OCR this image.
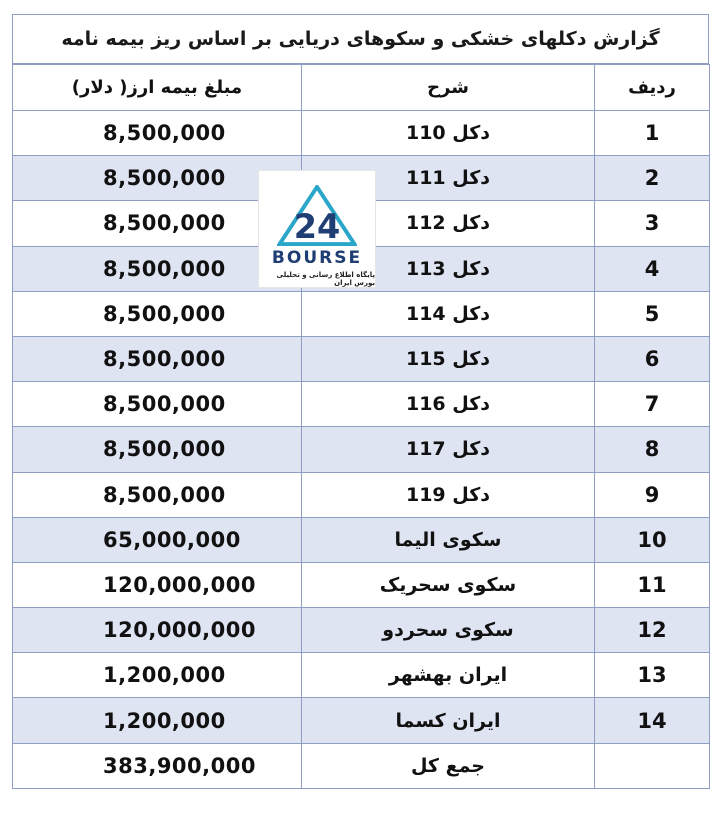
گزارش دکلهای خشکی و سکوهای دریایی بر اساس ریز بیمه نامه
ردیف	شرح	مبلغ بیمه ارز( دلار)
1	دکل 110	8,500,000
2	دکل 111	8,500,000
3	دکل 112	8,500,000
4	دکل 113	8,500,000
5	دکل 114	8,500,000
6	دکل 115	8,500,000
7	دکل 116	8,500,000
8	دکل 117	8,500,000
9	دکل 119	8,500,000
10	سکوی الیما	65,000,000
11	سکوی سحریک	120,000,000
12	سکوی سحردو	120,000,000
13	ایران بهشهر	1,200,000
14	ایران کسما	1,200,000
	جمع کل	383,900,000
24
BOURSE
پایگاه اطلاع رسانی و تحلیلی بورس ایران
